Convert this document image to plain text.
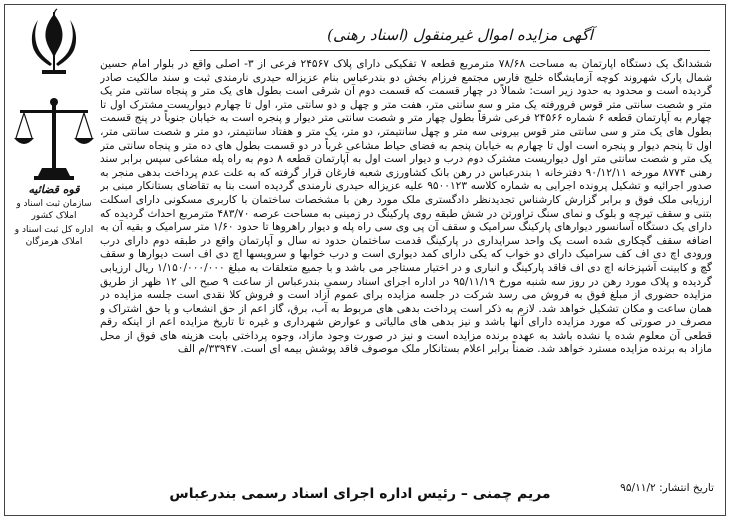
قوه قضائیه
سازمان ثبت اسناد و املاک کشور
اداره کل ثبت اسناد و املاک هرمزگان
آگهی مزایده اموال غیرمنقول (اسناد رهنی)

ششدانگ یک دستگاه آپارتمان به مساحت ۷۸/۶۸ مترمربع قطعه ۷ تفکیکی دارای پلاک ۲۴۵۶۷ فرعی از ۳- اصلی واقع در بلوار امام حسین شمال پارک شهروند کوچه آزمایشگاه خلیج فارس مجتمع فرزام بخش دو بندرعباس بنام عزیزاله حیدری نارمندی ثبت و سند مالکیت صادر گردیده است و محدود به حدود زیر است: شمالاً در چهار قسمت که قسمت دوم آن شرقی است بطول های یک متر و پنجاه سانتی متر یک متر و شصت سانتی متر قوس فرورفته یک متر و سه سانتی متر، هفت متر و چهل و دو سانتی متر، اول تا چهارم دیواریست مشترک اول تا چهارم به آپارتمان قطعه ۶ شماره ۲۴۵۶۶ فرعی شرقاً بطول چهار متر و شصت سانتی متر دیوار و پنجره است به خیابان جنوباً در پنج قسمت بطول های یک متر و سی سانتی متر قوس بیرونی سه متر و چهل سانتیمتر، دو متر، یک متر و هفتاد سانتیمتر، دو متر و شصت سانتی متر، اول تا پنجم دیوار و پنجره است اول تا چهارم به خیابان پنجم به فضای حیاط مشاعی غرباً در دو قسمت بطول های ده متر و پنجاه سانتی متر یک متر و شصت سانتی متر اول دیواریست مشترک دوم درب و دیوار است اول به آپارتمان قطعه ۸ دوم به راه پله مشاعی سپس برابر سند رهنی ۸۷۷۴ مورخه ۹۰/۱۲/۱۱ دفترخانه ۱ بندرعباس در رهن بانک کشاورزی شعبه فارغان قرار گرفته که به علت عدم پرداخت بدهی منجر به صدور اجرائیه و تشکیل پرونده اجرایی به شماره کلاسه ۹۵۰۰۱۲۳ علیه عزیزاله حیدری نارمندی گردیده است بنا به تقاضای بستانکار مبنی بر ارزیابی ملک فوق و برابر گزارش کارشناس تجدیدنظر دادگستری ملک مورد رهن با مشخصات ساختمان با کاربری مسکونی دارای اسکلت بتنی و سقف تیرچه و بلوک و نمای سنگ تراورتن در شش طبقه روی پارکینگ در زمینی به مساحت عرصه ۴۸۳/۷۰ مترمربع احداث گردیده که دارای یک دستگاه آسانسور دیوارهای پارکینگ سرامیک و سقف آن پی وی سی راه پله و دیوار راهروها تا حدود ۱/۶۰ متر سرامیک و بقیه آن به اضافه سقف گچکاری شده است یک واحد سرایداری در پارکینگ قدمت ساختمان حدود نه سال و آپارتمان واقع در طبقه دوم دارای درب ورودی اچ دی اف کف سرامیک دارای دو خواب که یکی دارای کمد دیواری است و درب خوابها و سرویسها اچ دی اف است دیوارها و سقف گچ و کابینت آشپزخانه اچ دی اف فاقد پارکینگ و انباری و در اختیار مستاجر می باشد و با جمیع متعلقات به مبلغ ۱/۱۵۰/۰۰۰/۰۰۰ ریال ارزیابی گردیده و پلاک مورد رهن در روز سه شنبه مورخ ۹۵/۱۱/۱۹ در اداره اجرای اسناد رسمی بندرعباس از ساعت ۹ صبح الی ۱۲ ظهر از طریق مزایده حضوری از مبلغ فوق به فروش می رسد شرکت در جلسه مزایده برای عموم آزاد است و فروش کلا نقدی است جلسه مزایده در همان ساعت و مکان تشکیل خواهد شد. لازم به ذکر است پرداخت بدهی های مربوط به آب، برق، گاز اعم از حق انشعاب و یا حق اشتراک و مصرف در صورتی که مورد مزایده دارای آنها باشد و نیز بدهی های مالیاتی و عوارض شهرداری و غیره تا تاریخ مزایده اعم از اینکه رقم قطعی آن معلوم شده یا نشده باشد به عهده برنده مزایده است و نیز در صورت وجود مازاد، وجوه پرداختی بابت هزینه های فوق از محل مازاد به برنده مزایده مسترد خواهد شد. ضمناً برابر اعلام بستانکار ملک موصوف فاقد پوشش بیمه ای است. ۳۳۹۴۷/م الف

تاریخ انتشار: ۹۵/۱۱/۲
مریم چمنی – رئیس اداره اجرای اسناد رسمی بندرعباس
